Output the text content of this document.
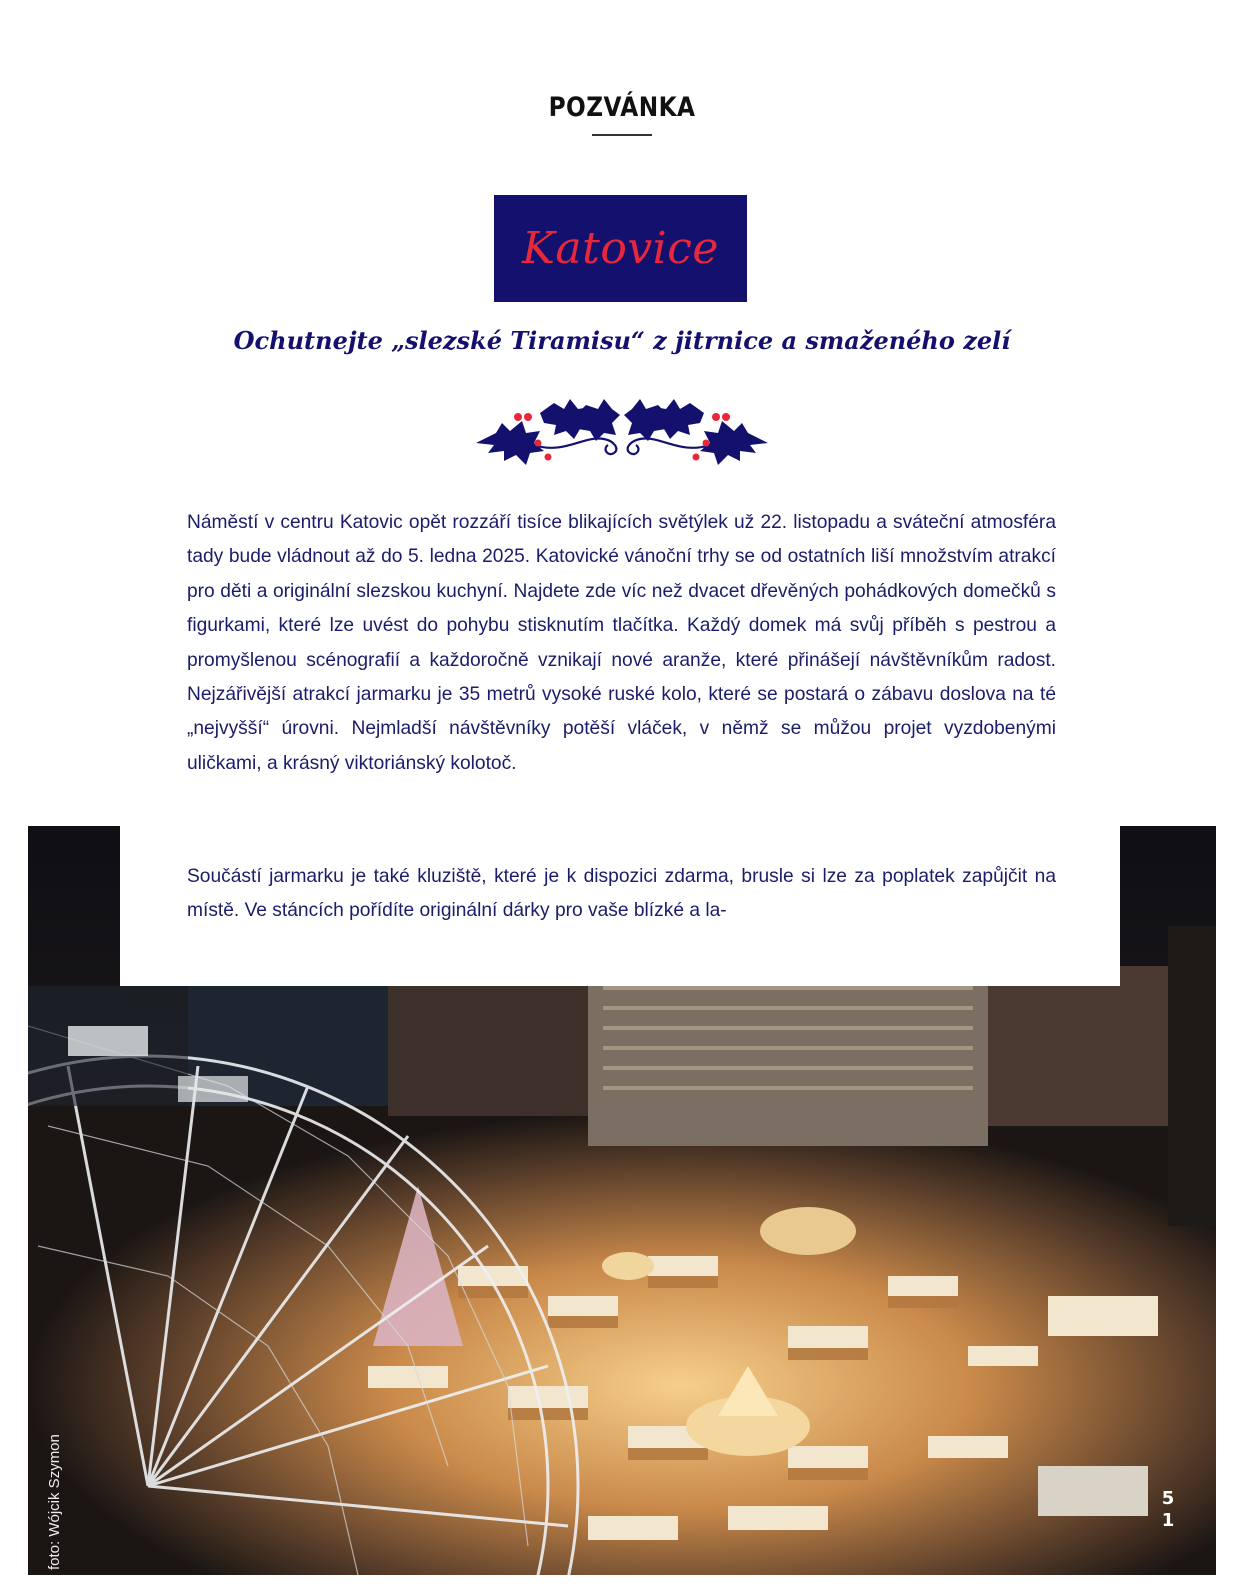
POZVÁNKA
Katovice
Ochutnejte „slezské Tiramisu“ z jitrnice a smaženého zelí

Náměstí v centru Katovic opět rozzáří tisíce blikajících světýlek už 22. listopadu a sváteční atmosféra tady bude vládnout až do 5. ledna 2025. Katovické vánoční trhy se od ostatních liší množstvím atrakcí pro děti a originální slezskou kuchyní. Najdete zde víc než dvacet dřevěných pohádkových domečků s figurkami, které lze uvést do pohybu stisknutím tlačítka. Každý domek má svůj příběh s pestrou a promyšlenou scénografií a každoročně vznikají nové aranže, které přinášejí návštěvníkům radost. Nejzářivější atrakcí jarmarku je 35 metrů vysoké ruské kolo, které se postará o zábavu doslova na té „nejvyšší“ úrovni. Nejmladší návštěvníky potěší vláček, v němž se můžou projet vyzdobenými uličkami, a krásný viktoriánský kolotoč.

Součástí jarmarku je také kluziště, které je k dispozici zdarma, brusle si lze za poplatek zapůjčit na místě. Ve stáncích pořídíte originální dárky pro vaše blízké a la-

foto: Wójcik Szymon	5
1
